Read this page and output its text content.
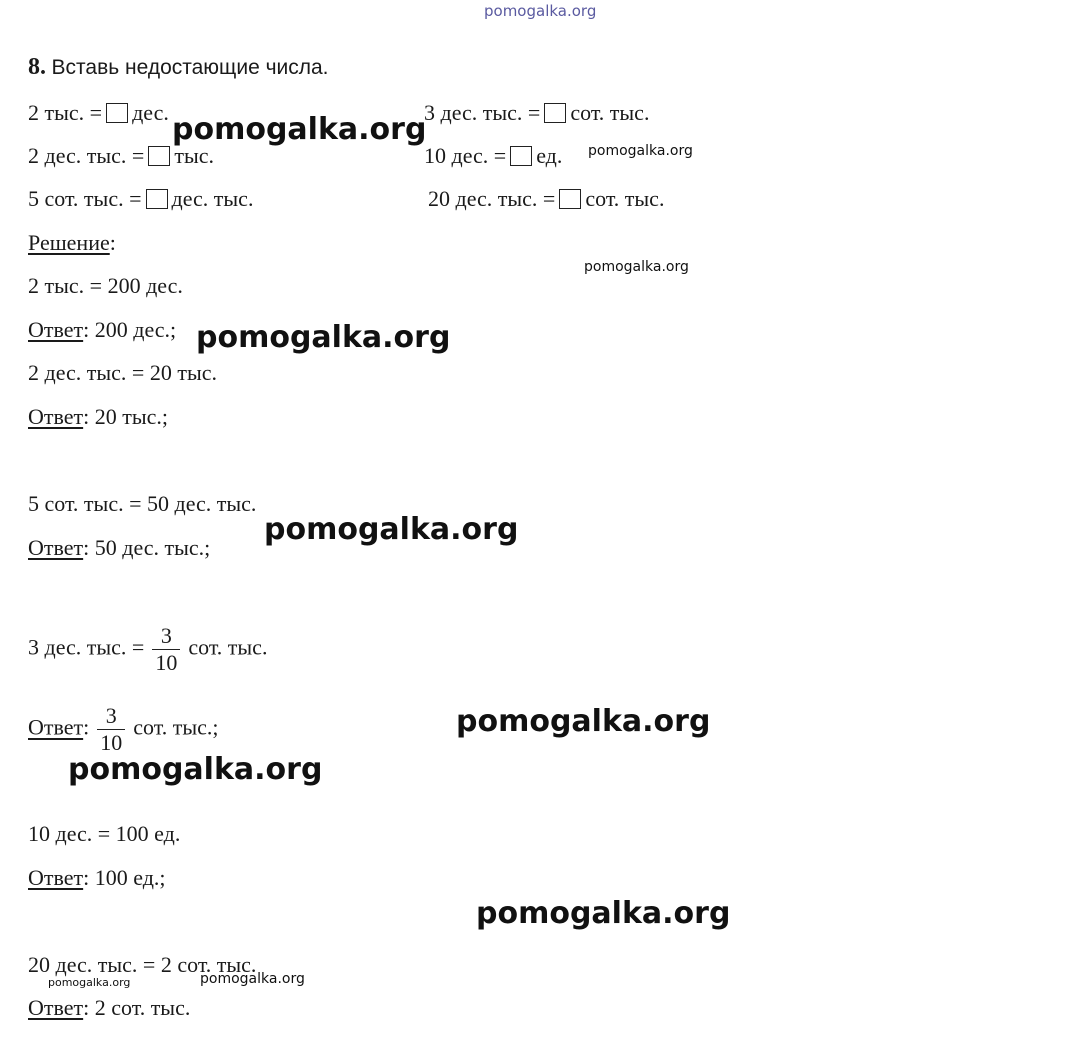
pomogalka.org
8. Вставь недостающие числа.
2 тыс. = дес.	3 дес. тыс. = сот. тыс.
2 дес. тыс. = тыс.	10 дес. = ед.
5 сот. тыс. = дес. тыс.	20 дес. тыс. = сот. тыс.
Решение:
2 тыс. = 200 дес.
Ответ: 200 дес.;
2 дес. тыс. = 20 тыс.
Ответ: 20 тыс.;
5 сот. тыс. = 50 дес. тыс.
Ответ: 50 дес. тыс.;
3 дес. тыс. = $\frac{3}{10}$ сот. тыс.
Ответ: $\frac{3}{10}$ сот. тыс.;
10 дес. = 100 ед.
Ответ: 100 ед.;
20 дес. тыс. = 2 сот. тыс.
Ответ: 2 сот. тыс.
pomogalka.org
pomogalka.org
pomogalka.org
pomogalka.org
pomogalka.org
pomogalka.org
pomogalka.org
pomogalka.org
pomogalka.org
pomogalka.org
